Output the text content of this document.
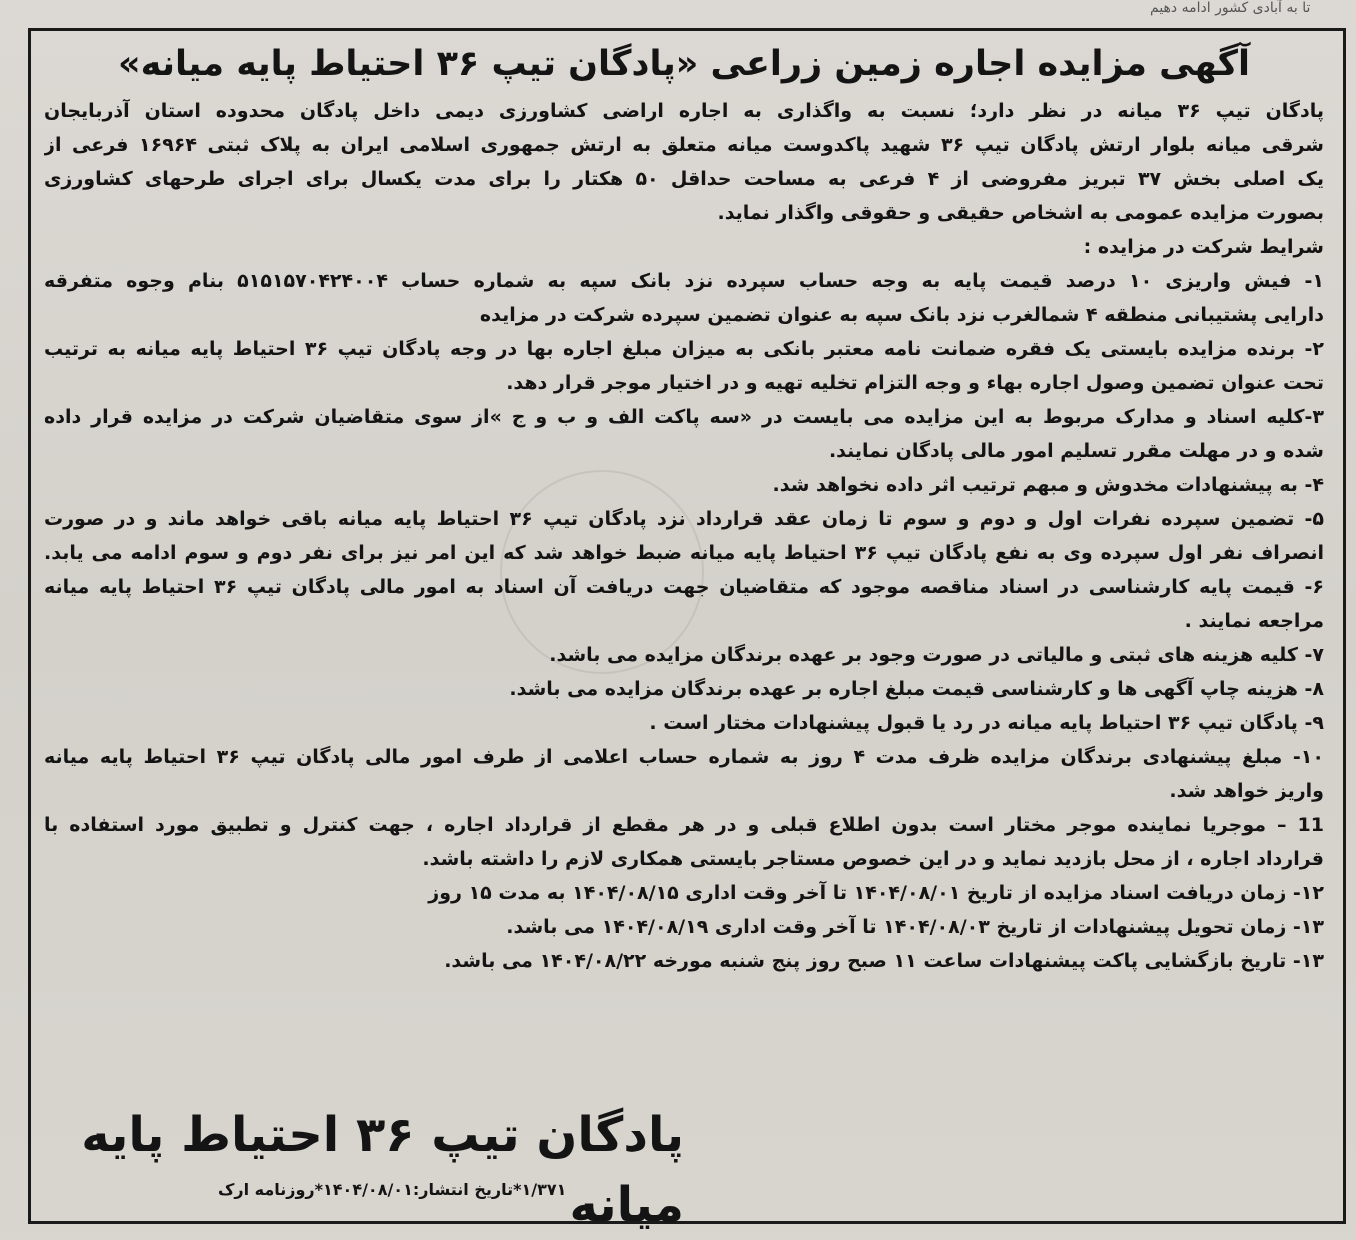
تا به آبادی کشور ادامه دهیم
آگهی مزایده اجاره زمین زراعی «پادگان تیپ ۳۶ احتیاط پایه میانه»
پادگان تیپ ۳۶ میانه در نظر دارد؛ نسبت به واگذاری به اجاره اراضی کشاورزی دیمی داخل پادگان محدوده استان آذربایجان
شرقی میانه بلوار ارتش پادگان تیپ ۳۶ شهید پاکدوست میانه متعلق به ارتش جمهوری اسلامی ایران به پلاک ثبتی ۱۶۹۶۴ فرعی از
یک اصلی بخش ۳۷ تبریز مفروضی از ۴ فرعی به مساحت حداقل ۵۰ هکتار را برای مدت یکسال برای اجرای طرحهای کشاورزی
بصورت مزایده عمومی به اشخاص حقیقی و حقوقی واگذار نماید.
شرایط شرکت در مزایده :
۱- فیش واریزی ۱۰ درصد قیمت پایه به وجه حساب سپرده نزد بانک سپه به شماره حساب ۵۱۵۱۵۷۰۴۲۴۰۰۴ بنام وجوه متفرقه
دارایی پشتیبانی منطقه ۴ شمالغرب نزد بانک سپه به عنوان تضمین سپرده شرکت در مزایده
۲- برنده مزایده بایستی یک فقره ضمانت نامه معتبر بانکی به میزان مبلغ اجاره بها در وجه پادگان تیپ ۳۶ احتیاط پایه میانه به ترتیب
تحت عنوان تضمین وصول اجاره بهاء و وجه التزام تخلیه تهیه و در اختیار موجر قرار دهد.
۳-کلیه اسناد و مدارک مربوط به این مزایده می بایست در «سه پاکت الف و ب و ج »از سوی متقاضیان شرکت در مزایده قرار داده
شده و در مهلت مقرر تسلیم امور مالی پادگان نمایند.
۴- به پیشنهادات مخدوش و مبهم ترتیب اثر داده نخواهد شد.
۵- تضمین سپرده نفرات اول و دوم و سوم تا زمان عقد قرارداد نزد پادگان تیپ ۳۶ احتیاط پایه میانه باقی خواهد ماند و در صورت
انصراف نفر اول سپرده وی به نفع پادگان تیپ ۳۶ احتیاط پایه میانه ضبط خواهد شد که این امر نیز برای نفر دوم و سوم ادامه می یابد.
۶- قیمت پایه کارشناسی در اسناد مناقصه موجود که متقاضیان جهت دریافت آن اسناد به امور مالی پادگان تیپ ۳۶ احتیاط پایه میانه
مراجعه نمایند .
۷- کلیه هزینه های ثبتی و مالیاتی در صورت وجود بر عهده برندگان مزایده می باشد.
۸- هزینه چاپ آگهی ها و کارشناسی قیمت مبلغ اجاره بر عهده برندگان مزایده می باشد.
۹- پادگان تیپ ۳۶ احتیاط پایه میانه در رد یا قبول پیشنهادات مختار است .
۱۰- مبلغ پیشنهادی برندگان مزایده ظرف مدت ۴ روز به شماره حساب اعلامی از طرف امور مالی پادگان تیپ ۳۶ احتیاط پایه میانه
واریز خواهد شد.
11 – موجریا نماینده موجر مختار است بدون اطلاع قبلی و در هر مقطع از قرارداد اجاره ، جهت کنترل و تطبیق مورد استفاده با
قرارداد اجاره ، از محل بازدید نماید و در این خصوص مستاجر بایستی همکاری لازم را داشته باشد.
۱۲- زمان دریافت اسناد مزایده از تاریخ ۱۴۰۴/۰۸/۰۱ تا آخر وقت اداری ۱۴۰۴/۰۸/۱۵ به مدت ۱۵ روز
۱۳- زمان تحویل پیشنهادات از تاریخ ۱۴۰۴/۰۸/۰۳ تا آخر وقت اداری ۱۴۰۴/۰۸/۱۹ می باشد.
۱۳- تاریخ بازگشایی پاکت پیشنهادات ساعت ۱۱ صبح روز پنج شنبه مورخه ۱۴۰۴/۰۸/۲۲ می باشد.
پادگان تیپ ۳۶ احتیاط پایه میانه
۱/۳۷۱*تاریخ انتشار:۱۴۰۴/۰۸/۰۱*روزنامه ارک
